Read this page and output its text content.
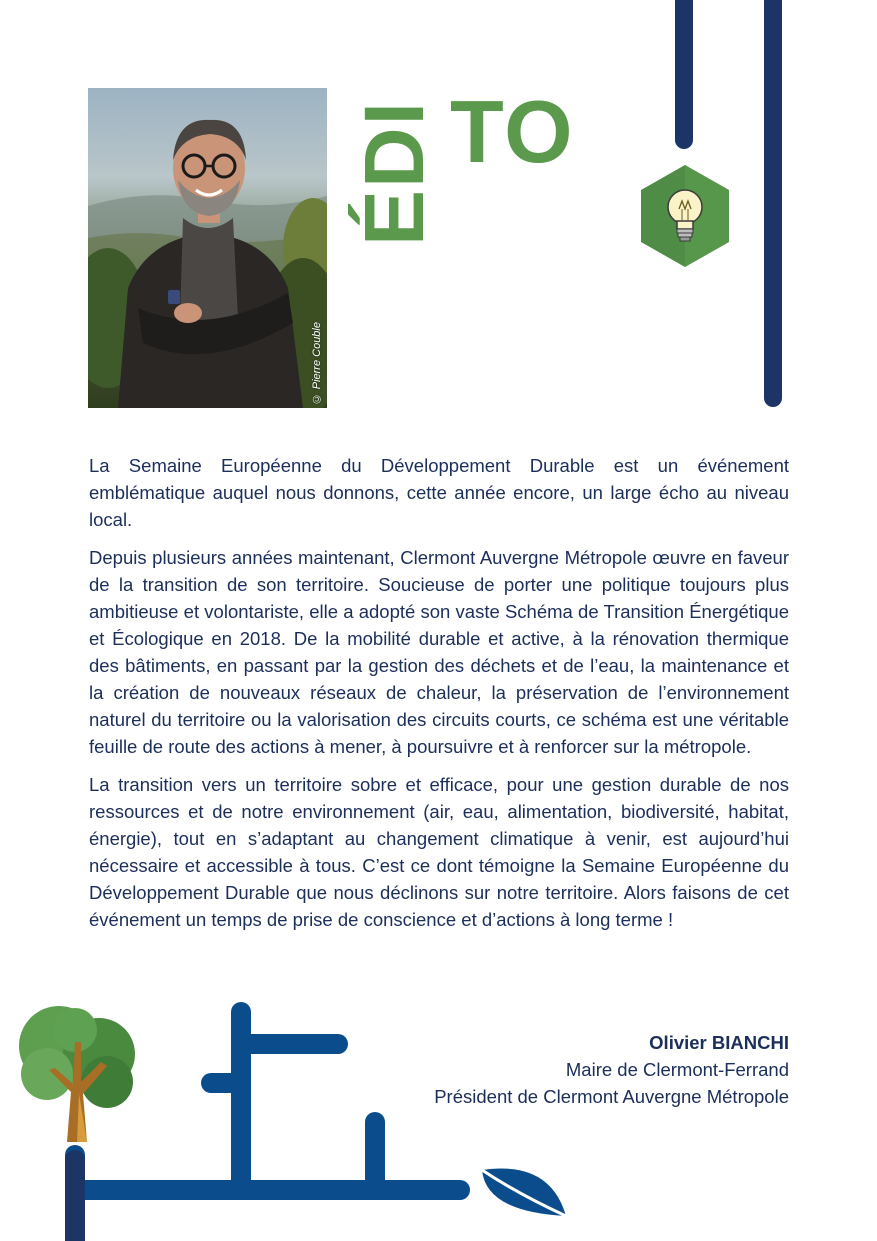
© Pierre Couble
ÉDI TO

La Semaine Européenne du Développement Durable est un événement emblématique auquel nous donnons, cette année encore, un large écho au niveau local.

Depuis plusieurs années maintenant, Clermont Auvergne Métropole œuvre en faveur de la transition de son territoire. Soucieuse de porter une politique toujours plus ambitieuse et volontariste, elle a adopté son vaste Schéma de Transition Énergétique et Écologique en 2018. De la mobilité durable et active, à la rénovation thermique des bâtiments, en passant par la gestion des déchets et de l’eau, la maintenance et la création de nouveaux réseaux de chaleur, la préservation de l’environnement naturel du territoire ou la valorisation des circuits courts, ce schéma est une véritable feuille de route des actions à mener, à poursuivre et à renforcer sur la métropole.

La transition vers un territoire sobre et efficace, pour une gestion durable de nos ressources et de notre environnement (air, eau, alimentation, biodiversité, habitat, énergie), tout en s’adaptant au changement climatique à venir, est aujourd’hui nécessaire et accessible à tous. C’est ce dont témoigne la Semaine Européenne du Développement Durable que nous déclinons sur notre territoire. Alors faisons de cet événement un temps de prise de conscience et d’actions à long terme !

Olivier BIANCHI
Maire de Clermont-Ferrand
Président de Clermont Auvergne Métropole
